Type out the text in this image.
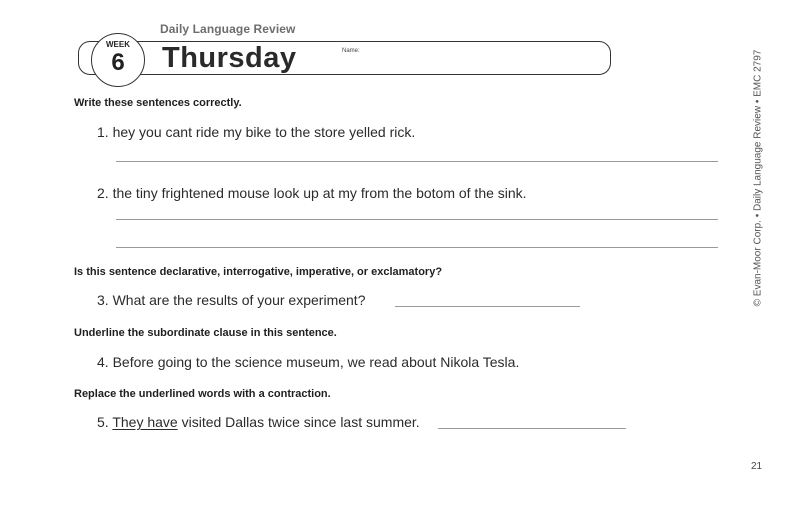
Daily Language Review
WEEK
6	Thursday	Name:
Write these sentences correctly.
1. hey you cant ride my bike to the store yelled rick.
2. the tiny frightened mouse look up at my from the botom of the sink.
Is this sentence declarative, interrogative, imperative, or exclamatory?
3. What are the results of your experiment?
Underline the subordinate clause in this sentence.
4. Before going to the science museum, we read about Nikola Tesla.
Replace the underlined words with a contraction.
5. They have visited Dallas twice since last summer.
© Evan-Moor Corp. • Daily Language Review • EMC 2797
21
